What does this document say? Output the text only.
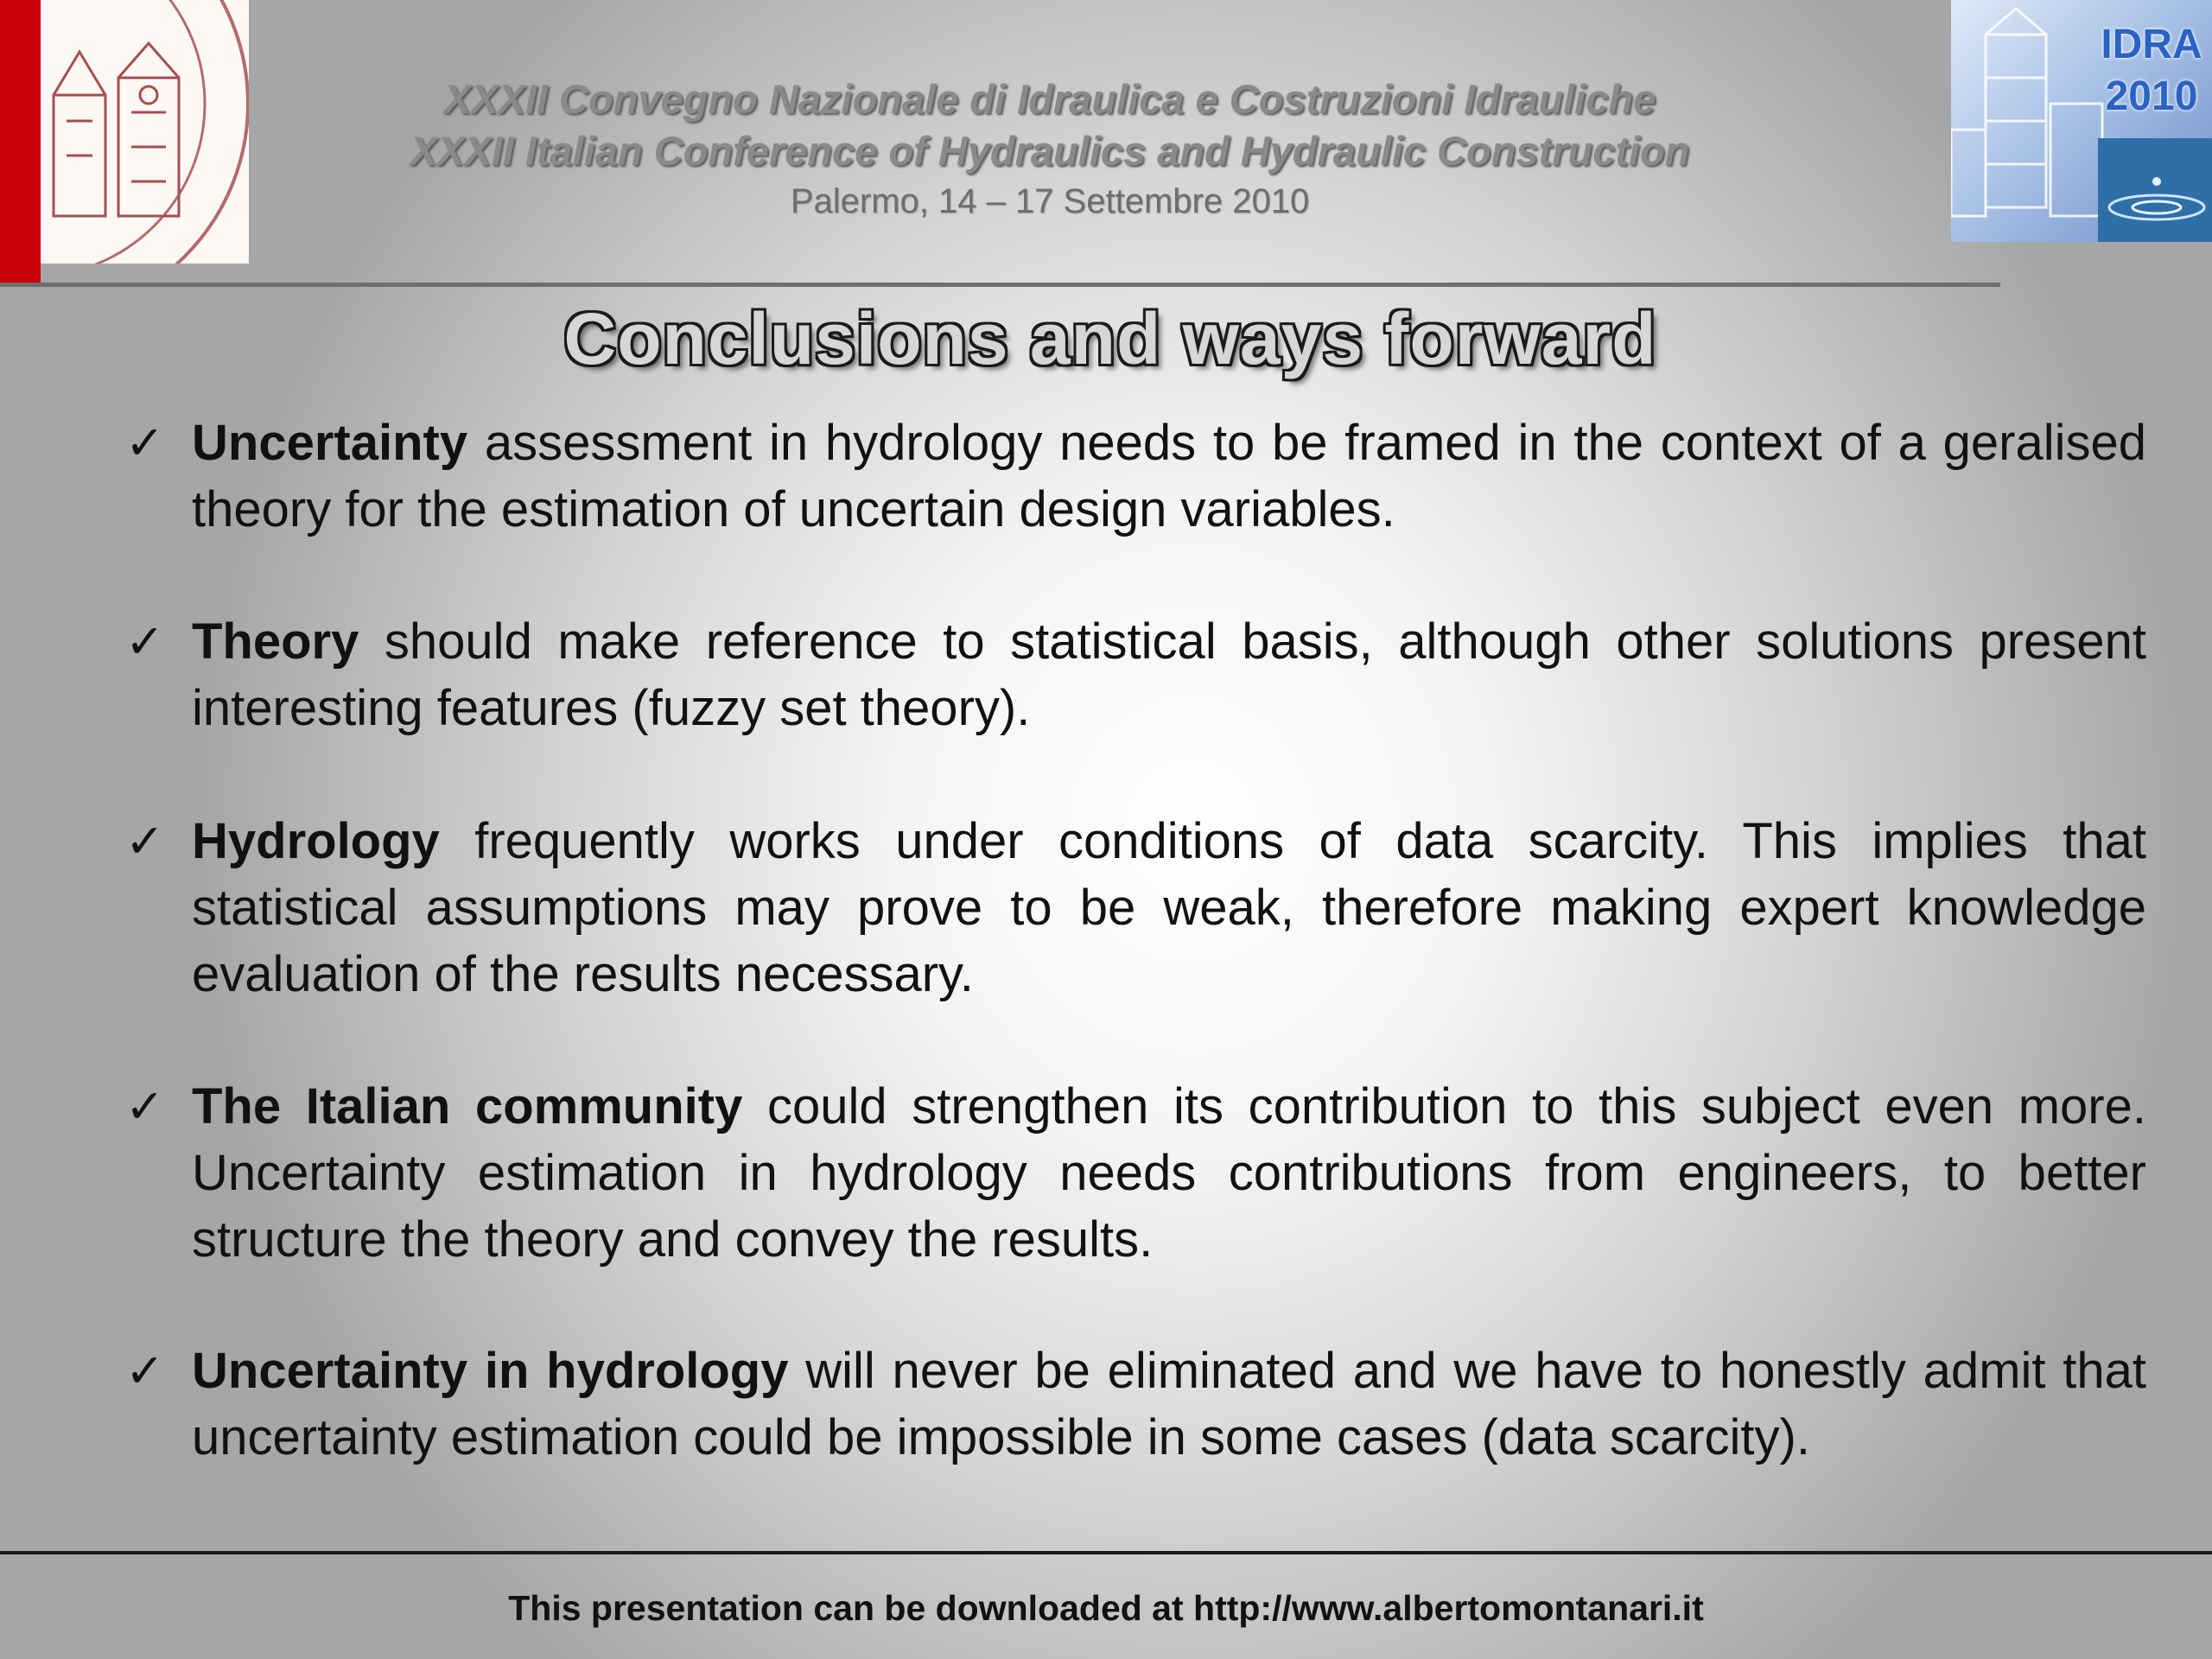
IDRA
2010
XXXII Convegno Nazionale di Idraulica e Costruzioni Idrauliche
XXXII Italian Conference of Hydraulics and Hydraulic Construction
Palermo, 14 – 17 Settembre 2010
Conclusions and ways forward
✓ Uncertainty assessment in hydrology needs to be framed in the context of a geralised theory for the estimation of uncertain design variables.
✓ Theory should make reference to statistical basis, although other solutions present interesting features (fuzzy set theory).
✓ Hydrology frequently works under conditions of data scarcity. This implies that statistical assumptions may prove to be weak, therefore making expert knowledge evaluation of the results necessary.
✓ The Italian community could strengthen its contribution to this subject even more. Uncertainty estimation in hydrology needs contributions from engineers, to better structure the theory and convey the results.
✓ Uncertainty in hydrology will never be eliminated and we have to honestly admit that uncertainty estimation could be impossible in some cases (data scarcity).
This presentation can be downloaded at http://www.albertomontanari.it
